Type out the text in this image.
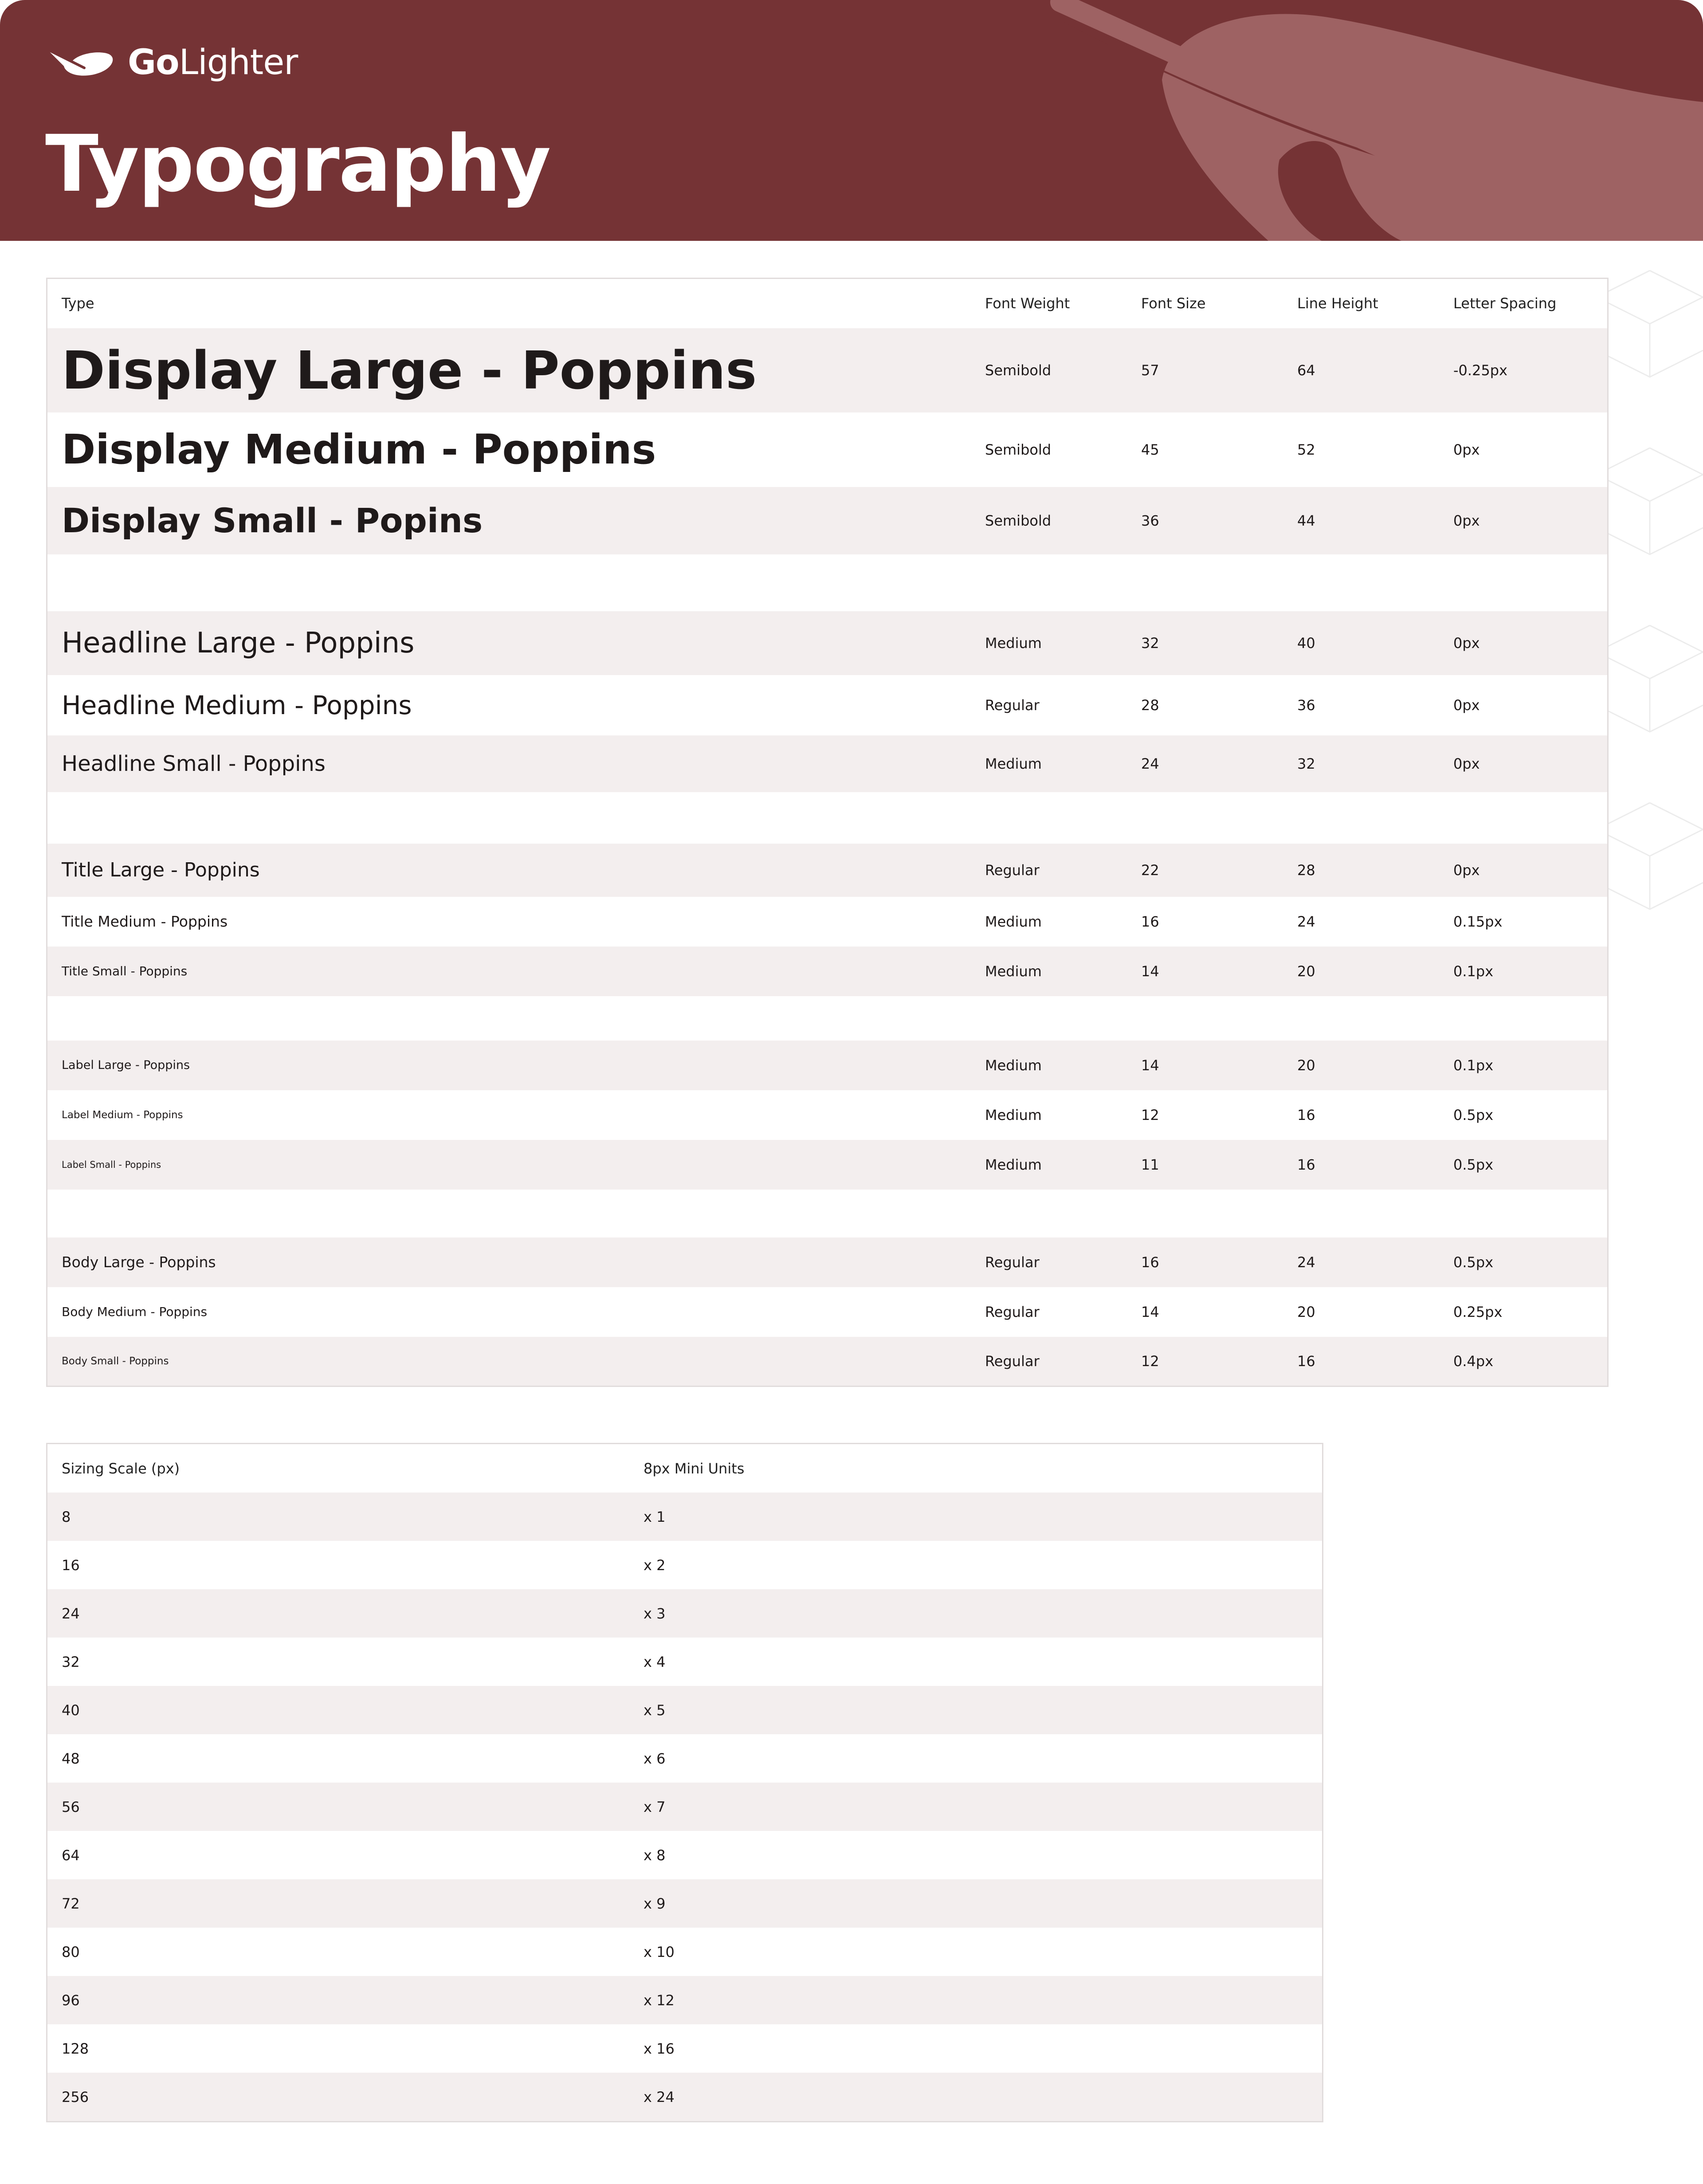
GoLighter
Typography
Type	Font Weight	Font Size	Line Height	Letter Spacing
Display Large - Poppins	Semibold	57	64	-0.25px
Display Medium - Poppins	Semibold	45	52	0px
Display Small - Popins	Semibold	36	44	0px

Headline Large - Poppins	Medium	32	40	0px
Headline Medium - Poppins	Regular	28	36	0px
Headline Small - Poppins	Medium	24	32	0px

Title Large - Poppins	Regular	22	28	0px
Title Medium - Poppins	Medium	16	24	0.15px
Title Small - Poppins	Medium	14	20	0.1px

Label Large - Poppins	Medium	14	20	0.1px
Label Medium - Poppins	Medium	12	16	0.5px
Label Small - Poppins	Medium	11	16	0.5px

Body Large - Poppins	Regular	16	24	0.5px
Body Medium - Poppins	Regular	14	20	0.25px
Body Small - Poppins	Regular	12	16	0.4px
Sizing Scale (px)	8px Mini Units
8	x 1
16	x 2
24	x 3
32	x 4
40	x 5
48	x 6
56	x 7
64	x 8
72	x 9
80	x 10
96	x 12
128	x 16
256	x 24
